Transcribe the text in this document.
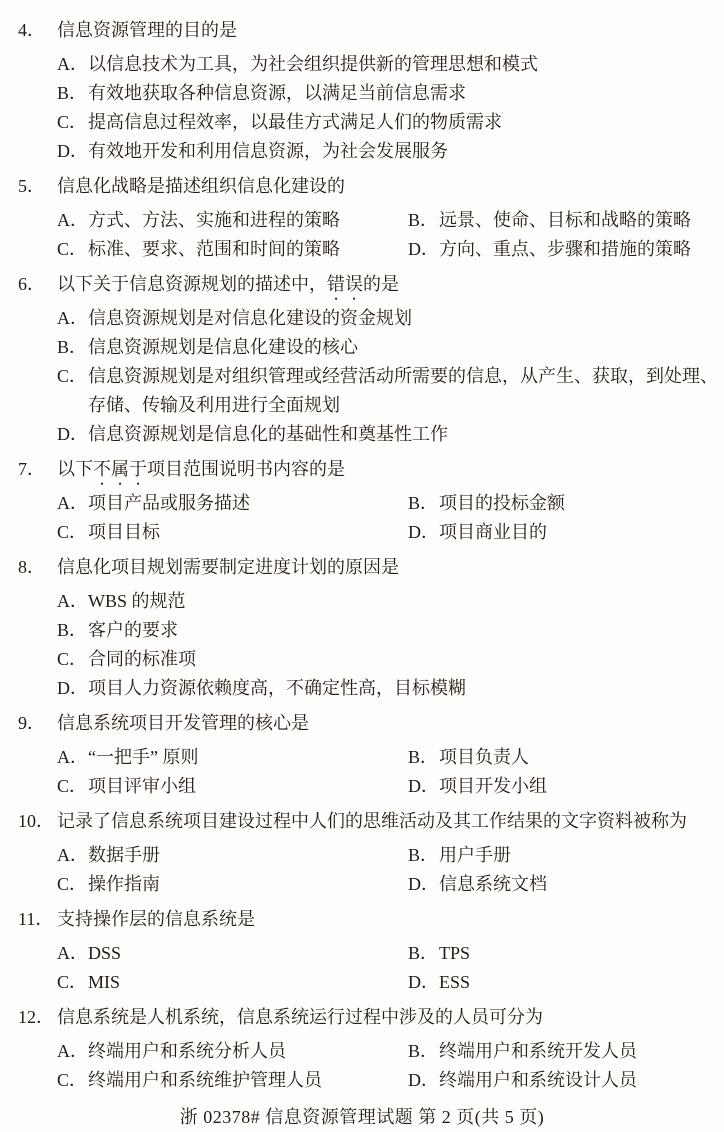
4． 信息资源管理的目的是
A． 以信息技术为工具，为社会组织提供新的管理思想和模式
B． 有效地获取各种信息资源，以满足当前信息需求
C． 提高信息过程效率，以最佳方式满足人们的物质需求
D． 有效地开发和利用信息资源，为社会发展服务
5． 信息化战略是描述组织信息化建设的
A． 方式、方法、实施和进程的策略	B． 远景、使命、目标和战略的策略
C． 标准、要求、范围和时间的策略	D． 方向、重点、步骤和措施的策略
6． 以下关于信息资源规划的描述中，错误的是
A． 信息资源规划是对信息化建设的资金规划
B． 信息资源规划是信息化建设的核心
C． 信息资源规划是对组织管理或经营活动所需要的信息，从产生、获取，到处理、存储、传输及利用进行全面规划
D． 信息资源规划是信息化的基础性和奠基性工作
7． 以下不属于项目范围说明书内容的是
A． 项目产品或服务描述	B． 项目的投标金额
C． 项目目标	D． 项目商业目的
8． 信息化项目规划需要制定进度计划的原因是
A． WBS 的规范
B． 客户的要求
C． 合同的标准项
D． 项目人力资源依赖度高，不确定性高，目标模糊
9． 信息系统项目开发管理的核心是
A． “一把手” 原则	B． 项目负责人
C． 项目评审小组	D． 项目开发小组
10． 记录了信息系统项目建设过程中人们的思维活动及其工作结果的文字资料被称为
A． 数据手册	B． 用户手册
C． 操作指南	D． 信息系统文档
11． 支持操作层的信息系统是
A． DSS	B． TPS
C． MIS	D． ESS
12． 信息系统是人机系统，信息系统运行过程中涉及的人员可分为
A． 终端用户和系统分析人员	B． 终端用户和系统开发人员
C． 终端用户和系统维护管理人员	D． 终端用户和系统设计人员
浙 02378# 信息资源管理试题 第 2 页(共 5 页)
